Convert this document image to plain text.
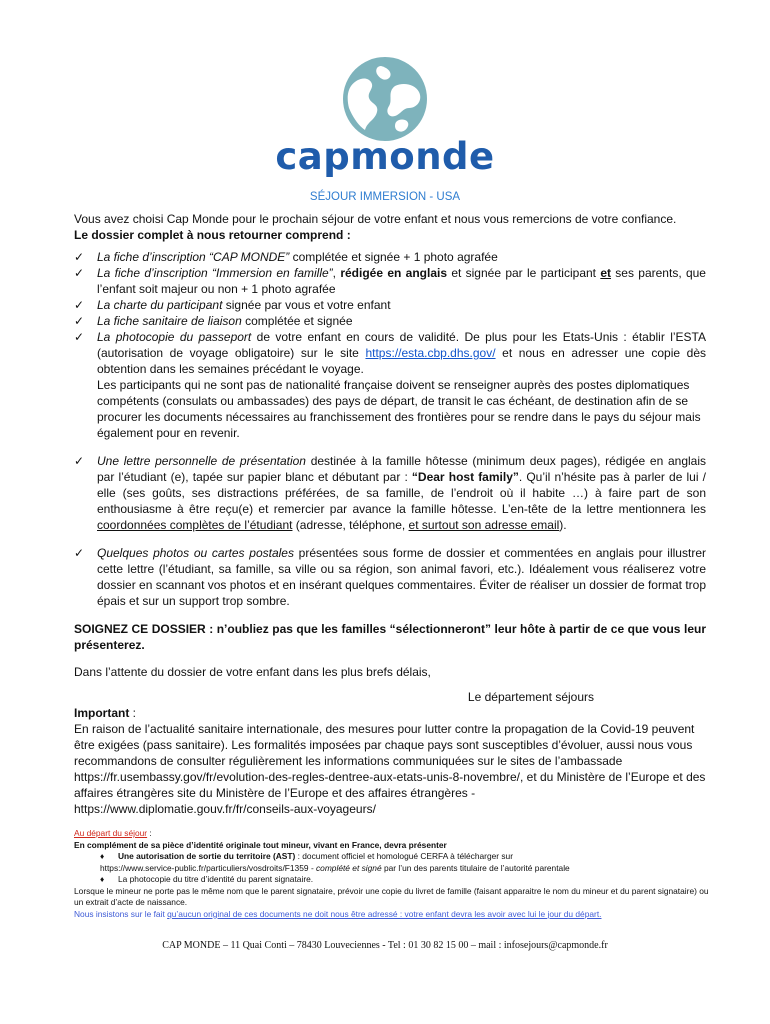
capmonde
SÉJOUR IMMERSION - USA

Vous avez choisi Cap Monde pour le prochain séjour de votre enfant et nous vous remercions de votre confiance.

Le dossier complet à nous retourner comprend :

✓ La fiche d’inscription “CAP MONDE” complétée et signée + 1 photo agrafée
✓ La fiche d’inscription “Immersion en famille”, rédigée en anglais et signée par le participant et ses parents, que l’enfant soit majeur ou non + 1 photo agrafée
✓ La charte du participant signée par vous et votre enfant
✓ La fiche sanitaire de liaison complétée et signée
✓ La photocopie du passeport de votre enfant en cours de validité. De plus pour les Etats-Unis : établir l’ESTA (autorisation de voyage obligatoire) sur le site https://esta.cbp.dhs.gov/ et nous en adresser une copie dès obtention dans les semaines précédant le voyage.
Les participants qui ne sont pas de nationalité française doivent se renseigner auprès des postes diplomatiques compétents (consulats ou ambassades) des pays de départ, de transit le cas échéant, de destination afin de se procurer les documents nécessaires au franchissement des frontières pour se rendre dans le pays du séjour mais également pour en revenir.
✓ Une lettre personnelle de présentation destinée à la famille hôtesse (minimum deux pages), rédigée en anglais par l’étudiant (e), tapée sur papier blanc et débutant par : “Dear host family”. Qu’il n’hésite pas à parler de lui / elle (ses goûts, ses distractions préférées, de sa famille, de l’endroit où il habite …) à faire part de son enthousiasme à être reçu(e) et remercier par avance la famille hôtesse. L’en-tête de la lettre mentionnera les coordonnées complètes de l’étudiant (adresse, téléphone, et surtout son adresse email).
✓ Quelques photos ou cartes postales présentées sous forme de dossier et commentées en anglais pour illustrer cette lettre (l’étudiant, sa famille, sa ville ou sa région, son animal favori, etc.). Idéalement vous réaliserez votre dossier en scannant vos photos et en insérant quelques commentaires. Éviter de réaliser un dossier de format trop épais et sur un support trop sombre.

SOIGNEZ CE DOSSIER : n’oubliez pas que les familles “sélectionneront” leur hôte à partir de ce que vous leur présenterez.

Dans l’attente du dossier de votre enfant dans les plus brefs délais,

Le département séjours

Important :

En raison de l’actualité sanitaire internationale, des mesures pour lutter contre la propagation de la Covid-19 peuvent être exigées (pass sanitaire). Les formalités imposées par chaque pays sont susceptibles d’évoluer, aussi nous vous recommandons de consulter régulièrement les informations communiquées sur le sites de l’ambassade https://fr.usembassy.gov/fr/evolution-des-regles-dentree-aux-etats-unis-8-novembre/, et du Ministère de l’Europe et des affaires étrangères site du Ministère de l’Europe et des affaires étrangères -

https://www.diplomatie.gouv.fr/fr/conseils-aux-voyageurs/

Au départ du séjour :

En complément de sa pièce d’identité originale tout mineur, vivant en France, devra présenter

♦ Une autorisation de sortie du territoire (AST) : document officiel et homologué CERFA à télécharger sur

https://www.service-public.fr/particuliers/vosdroits/F1359 - complété et signé par l’un des parents titulaire de l’autorité parentale

♦ La photocopie du titre d’identité du parent signataire.

Lorsque le mineur ne porte pas le même nom que le parent signataire, prévoir une copie du livret de famille (faisant apparaitre le nom du mineur et du parent signataire) ou un extrait d’acte de naissance.

Nous insistons sur le fait qu’aucun original de ces documents ne doit nous être adressé : votre enfant devra les avoir avec lui le jour du départ.

CAP MONDE – 11 Quai Conti – 78430 Louveciennes - Tel : 01 30 82 15 00 – mail : infosejours@capmonde.fr
